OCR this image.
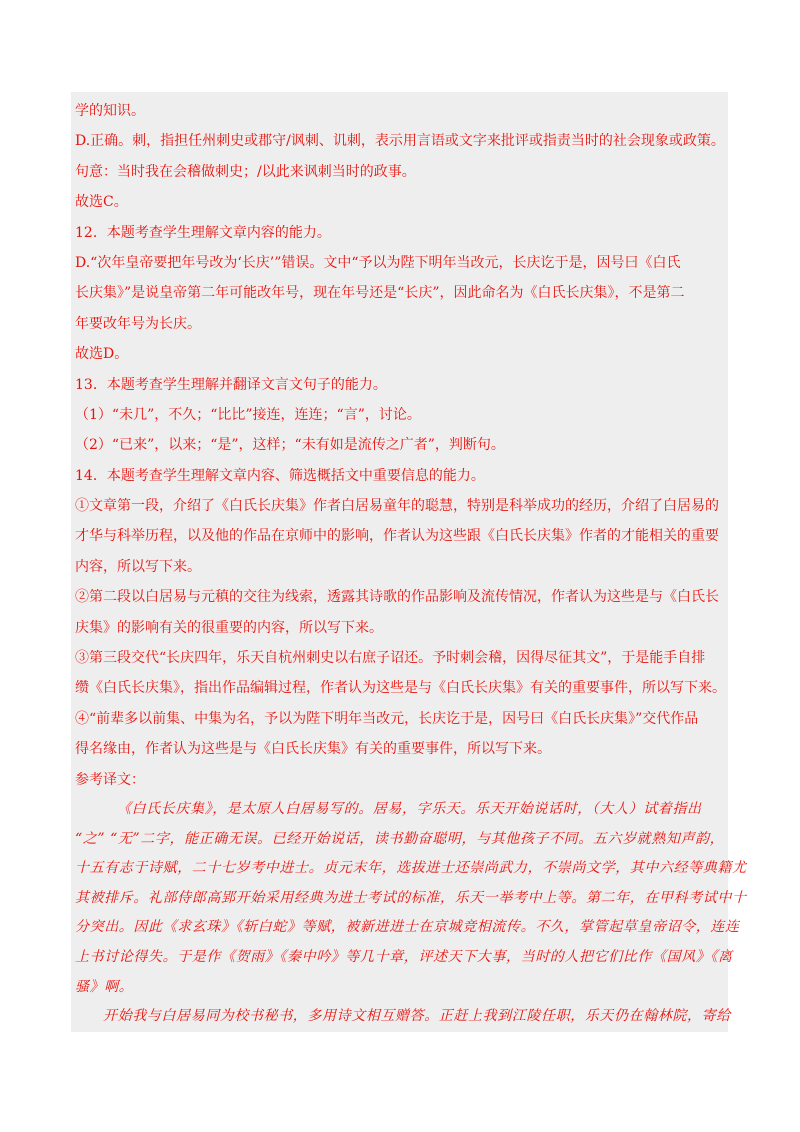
学的知识。
D.正确。刺，指担任州刺史或郡守/讽刺、讥刺，表示用言语或文字来批评或指责当时的社会现象或政策。
句意：当时我在会稽做刺史；/以此来讽刺当时的政事。
故选C。
12．本题考查学生理解文章内容的能力。
D.“次年皇帝要把年号改为‘长庆’”错误。文中“予以为陛下明年当改元，长庆讫于是，因号曰《白氏
长庆集》”是说皇帝第二年可能改年号，现在年号还是“长庆”，因此命名为《白氏长庆集》，不是第二
年要改年号为长庆。
故选D。
13．本题考查学生理解并翻译文言文句子的能力。
（1）“未几”，不久；“比比”接连，连连；“言”，讨论。
（2）“已来”，以来；“是”，这样；“未有如是流传之广者”，判断句。
14．本题考查学生理解文章内容、筛选概括文中重要信息的能力。
①文章第一段，介绍了《白氏长庆集》作者白居易童年的聪慧，特别是科举成功的经历，介绍了白居易的
才华与科举历程，以及他的作品在京师中的影响，作者认为这些跟《白氏长庆集》作者的才能相关的重要
内容，所以写下来。
②第二段以白居易与元稹的交往为线索，透露其诗歌的作品影响及流传情况，作者认为这些是与《白氏长
庆集》的影响有关的很重要的内容，所以写下来。
③第三段交代“长庆四年，乐天自杭州刺史以右庶子诏还。予时刺会稽，因得尽征其文”，于是能手自排
缵《白氏长庆集》，指出作品编辑过程，作者认为这些是与《白氏长庆集》有关的重要事件，所以写下来。
④“前辈多以前集、中集为名，予以为陛下明年当改元，长庆讫于是，因号曰《白氏长庆集》”交代作品
得名缘由，作者认为这些是与《白氏长庆集》有关的重要事件，所以写下来。
参考译文：
《白氏长庆集》，是太原人白居易写的。居易，字乐天。乐天开始说话时，（大人）试着指出
“之” “无”二字，能正确无误。已经开始说话，读书勤奋聪明，与其他孩子不同。五六岁就熟知声韵，
十五有志于诗赋，二十七岁考中进士。贞元末年，选拔进士还崇尚武力，不崇尚文学，其中六经等典籍尤
其被排斥。礼部侍郎高郢开始采用经典为进士考试的标准，乐天一举考中上等。第二年，在甲科考试中十
分突出。因此《求玄珠》《斩白蛇》等赋，被新进进士在京城竞相流传。不久，掌管起草皇帝诏令，连连
上书讨论得失。于是作《贺雨》《秦中吟》等几十章，评述天下大事，当时的人把它们比作《国风》《离
骚》啊。
开始我与白居易同为校书秘书，多用诗文相互赠答。正赶上我到江陵任职，乐天仍在翰林院，寄给
